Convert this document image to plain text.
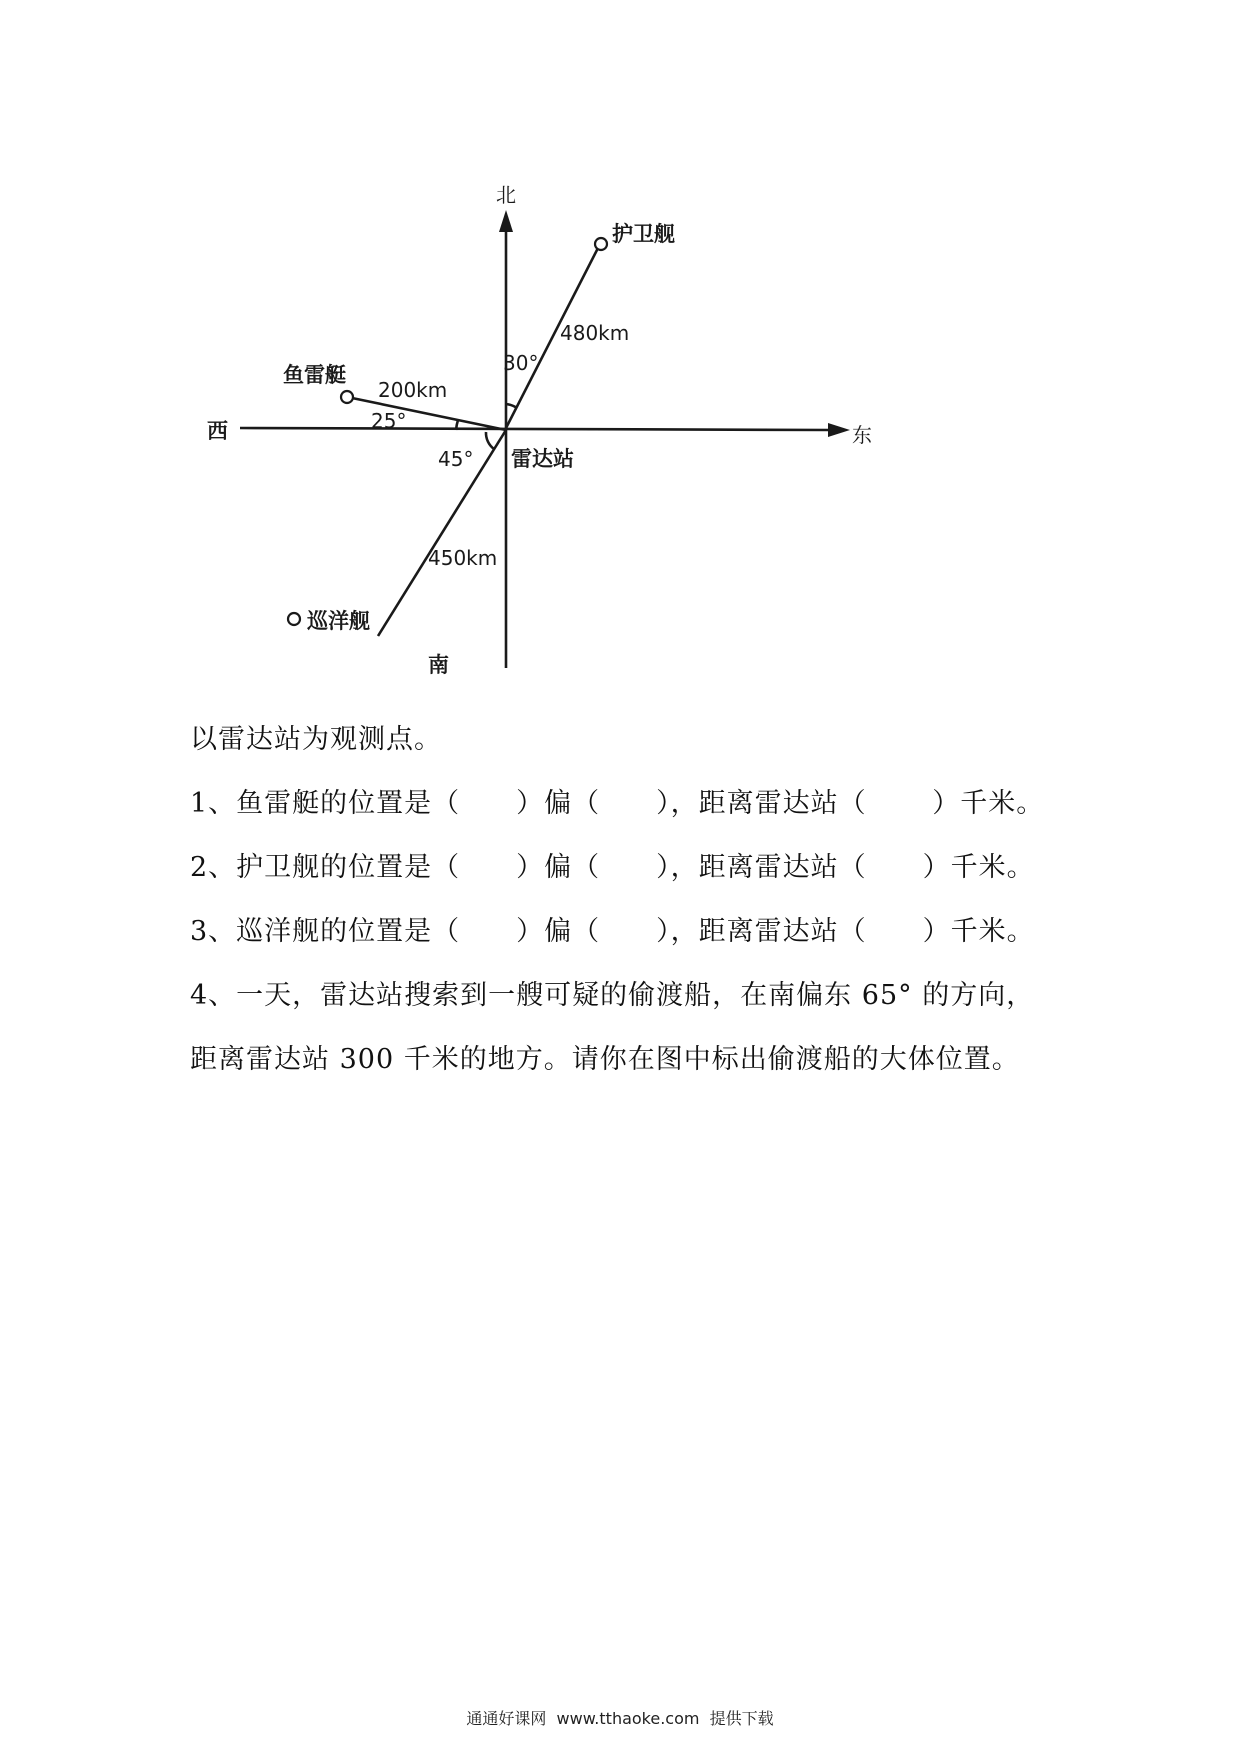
北
南
东
西
雷达站
护卫舰
480km
30°
鱼雷艇
200km
25°
巡洋舰
450km
45°
以雷达站为观测点。
1、鱼雷艇的位置是（　　）偏（　　），距离雷达站（　　 ）千米。
2、护卫舰的位置是（　　）偏（　　），距离雷达站（　　）千米。
3、巡洋舰的位置是（　　）偏（　　），距离雷达站（　　）千米。
4、一天，雷达站搜索到一艘可疑的偷渡船，在南偏东 65° 的方向，
距离雷达站 300 千米的地方。请你在图中标出偷渡船的大体位置。
通通好课网  www.tthaoke.com  提供下载
